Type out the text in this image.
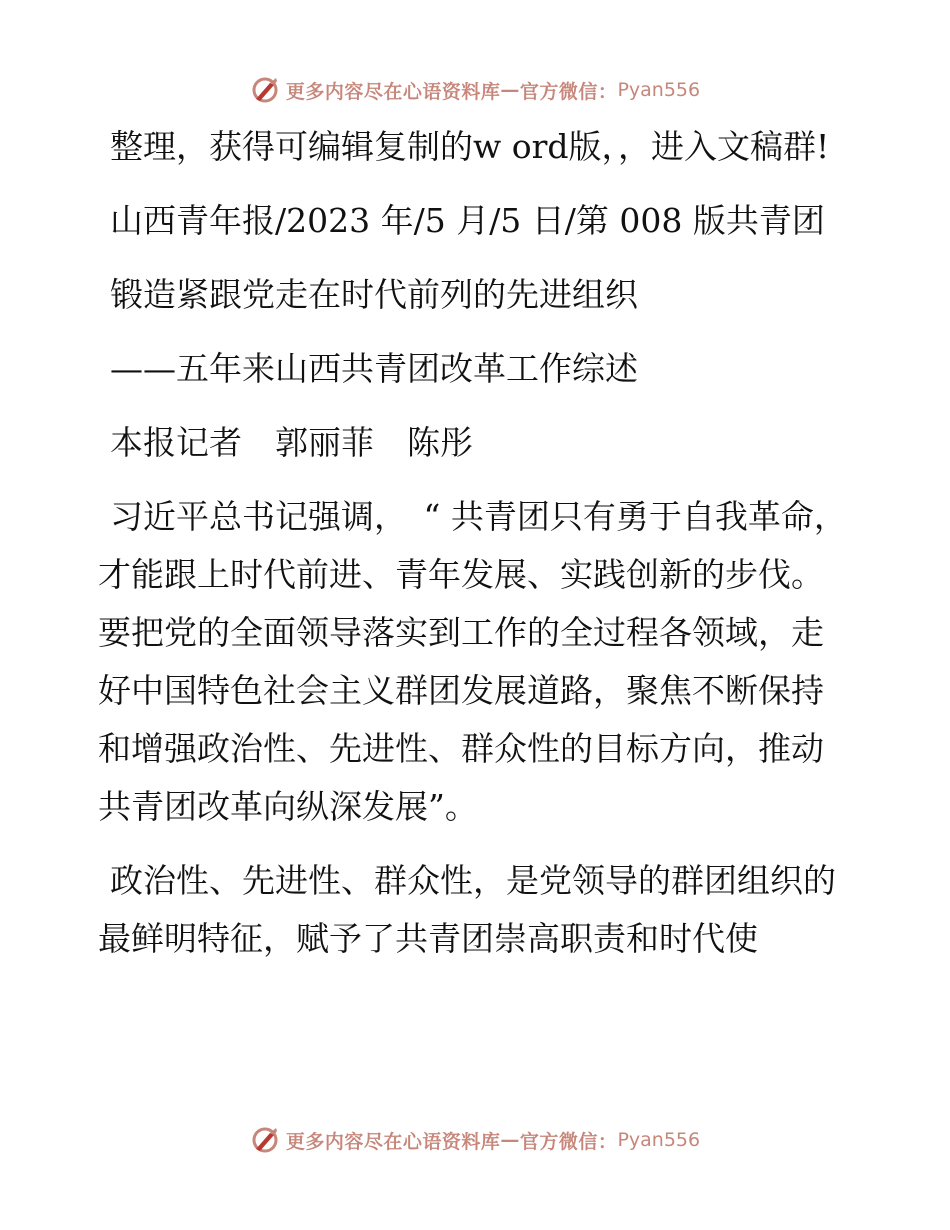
更多内容尽在心语资料库 — 官方微信： Pyan556

整理，获得可编辑复制的w ord版，，进入文稿群!

山西青年报/2023 年/5 月/5 日/第 008 版共青团

锻造紧跟党走在时代前列的先进组织

——五年来山西共青团改革工作综述

本报记者　郭丽菲　陈彤

习近平总书记强调，　“ 共青团只有勇于自我革命，才能跟上时代前进、青年发展、实践创新的步伐。要把党的全面领导落实到工作的全过程各领域，走好中国特色社会主义群团发展道路，聚焦不断保持和增强政治性、先进性、群众性的目标方向，推动共青团改革向纵深发展”。

政治性、先进性、群众性，是党领导的群团组织的最鲜明特征，赋予了共青团崇高职责和时代使

更多内容尽在心语资料库 — 官方微信： Pyan556
